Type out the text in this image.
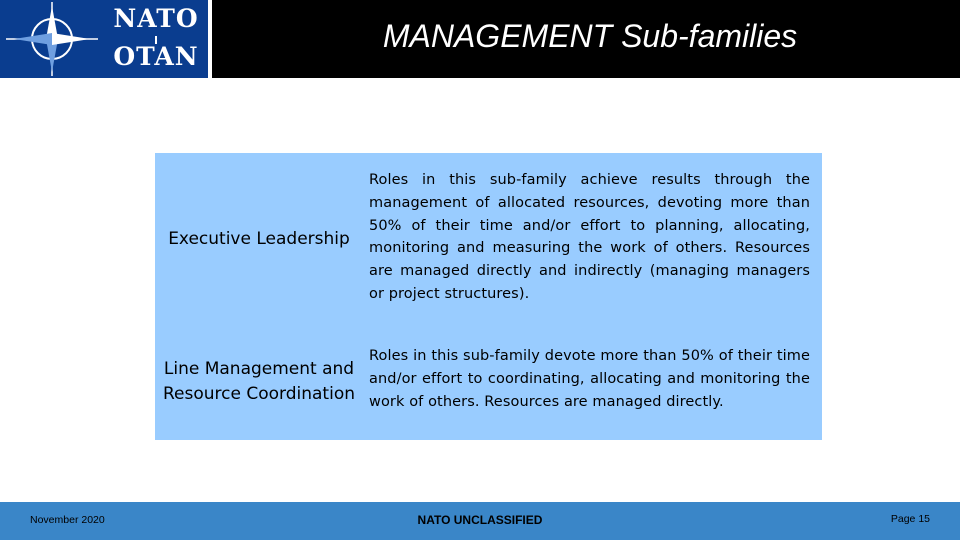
NATO
OTAN
MANAGEMENT Sub-families
Executive Leadership
Roles in this sub-family achieve results through the management of allocated resources, devoting more than 50% of their time and/or effort to planning, allocating, monitoring and measuring the work of others. Resources are managed directly and indirectly (managing managers or project structures).
Line Management and Resource Coordination
Roles in this sub-family devote more than 50% of their time and/or effort to coordinating, allocating and monitoring the work of others. Resources are managed directly.
November 2020	NATO UNCLASSIFIED	Page 15
